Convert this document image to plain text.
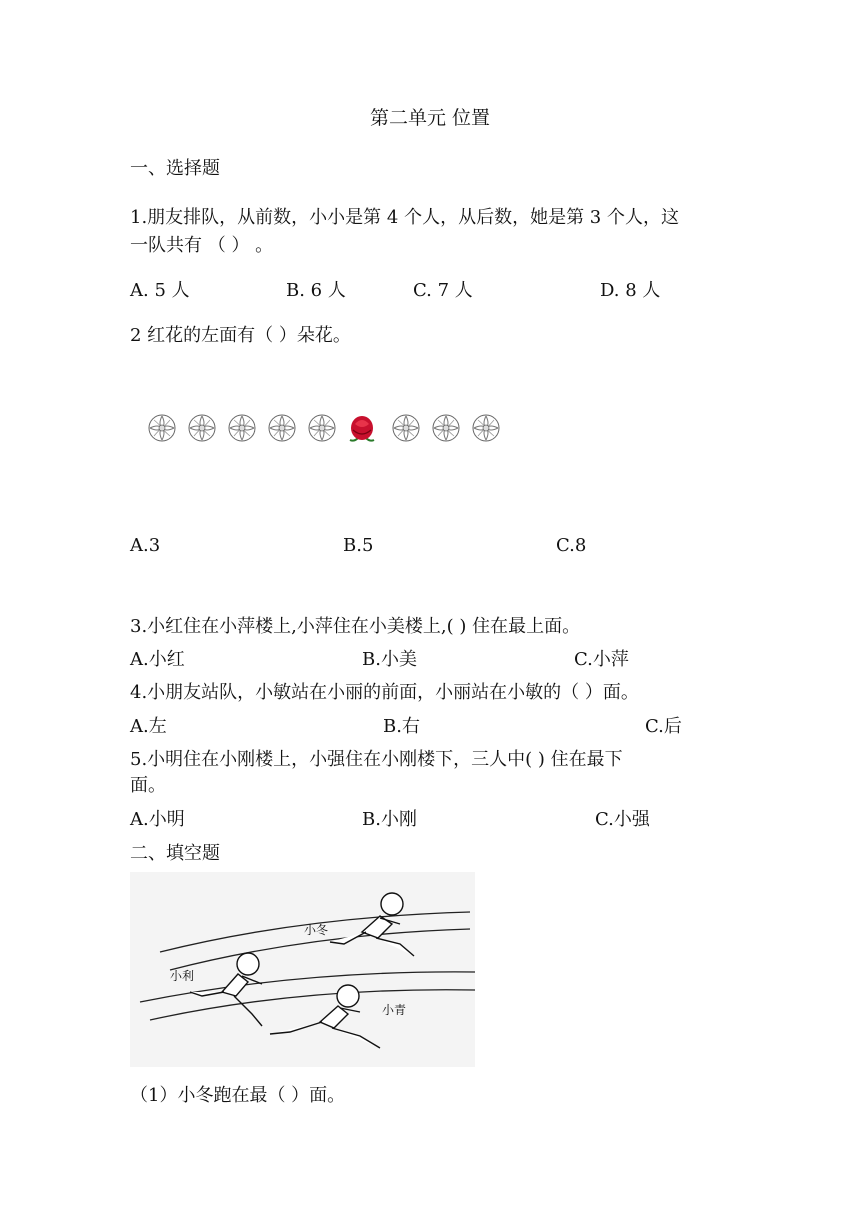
第二单元 位置
一、选择题
1.朋友排队，从前数，小小是第 4 个人，从后数，她是第 3 个人，这
一队共有 （ ） 。
A. 5 人	B. 6 人	C. 7 人	D. 8 人
2 红花的左面有（ ）朵花。
A.3	B.5	C.8
3.小红住在小萍楼上,小萍住在小美楼上,( ) 住在最上面。
A.小红	B.小美	C.小萍
4.小朋友站队，小敏站在小丽的前面，小丽站在小敏的（ ）面。
A.左	B.右	C.后
5.小明住在小刚楼上，小强住在小刚楼下，三人中( ) 住在最下
面。
A.小明	B.小刚	C.小强
二、填空题
1、
小冬
小利
小青
（1）小冬跑在最（ ）面。
